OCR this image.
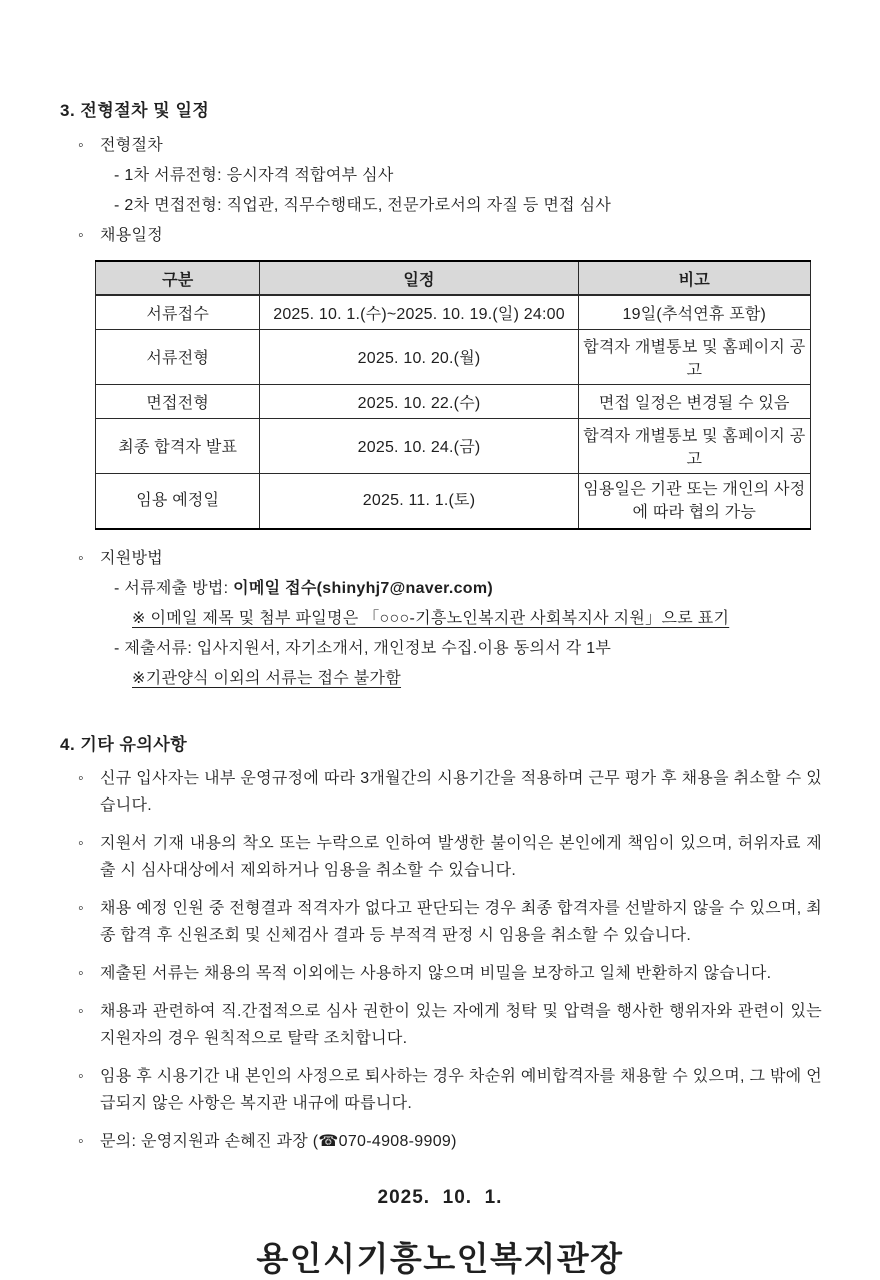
3. 전형절차 및 일정
◦	전형절차
- 1차 서류전형: 응시자격 적합여부 심사
- 2차 면접전형: 직업관, 직무수행태도, 전문가로서의 자질 등 면접 심사
◦	채용일정
구분	일정	비고
서류접수	2025. 10. 1.(수)~2025. 10. 19.(일) 24:00	19일(추석연휴 포함)
서류전형	2025. 10. 20.(월)	합격자 개별통보 및 홈페이지 공고
면접전형	2025. 10. 22.(수)	면접 일정은 변경될 수 있음
최종 합격자 발표	2025. 10. 24.(금)	합격자 개별통보 및 홈페이지 공고
임용 예정일	2025. 11. 1.(토)	임용일은 기관 또는 개인의 사정에 따라 협의 가능
◦	지원방법
- 서류제출 방법: 이메일 접수(shinyhj7@naver.com)
※ 이메일 제목 및 첨부 파일명은 「○○○-기흥노인복지관 사회복지사 지원」으로 표기
- 제출서류: 입사지원서, 자기소개서, 개인정보 수집.이용 동의서 각 1부
※기관양식 이외의 서류는 접수 불가함
4. 기타 유의사항
◦	신규 입사자는 내부 운영규정에 따라 3개월간의 시용기간을 적용하며 근무 평가 후 채용을 취소할 수 있습니다.
◦	지원서 기재 내용의 착오 또는 누락으로 인하여 발생한 불이익은 본인에게 책임이 있으며, 허위자료 제출 시 심사대상에서 제외하거나 임용을 취소할 수 있습니다.
◦	채용 예정 인원 중 전형결과 적격자가 없다고 판단되는 경우 최종 합격자를 선발하지 않을 수 있으며, 최종 합격 후 신원조회 및 신체검사 결과 등 부적격 판정 시 임용을 취소할 수 있습니다.
◦	제출된 서류는 채용의 목적 이외에는 사용하지 않으며 비밀을 보장하고 일체 반환하지 않습니다.
◦	채용과 관련하여 직.간접적으로 심사 권한이 있는 자에게 청탁 및 압력을 행사한 행위자와 관련이 있는 지원자의 경우 원칙적으로 탈락 조치합니다.
◦	임용 후 시용기간 내 본인의 사정으로 퇴사하는 경우 차순위 예비합격자를 채용할 수 있으며, 그 밖에 언급되지 않은 사항은 복지관 내규에 따릅니다.
◦	문의: 운영지원과 손혜진 과장 (☎070-4908-9909)
2025.  10.  1.
용인시기흥노인복지관장
